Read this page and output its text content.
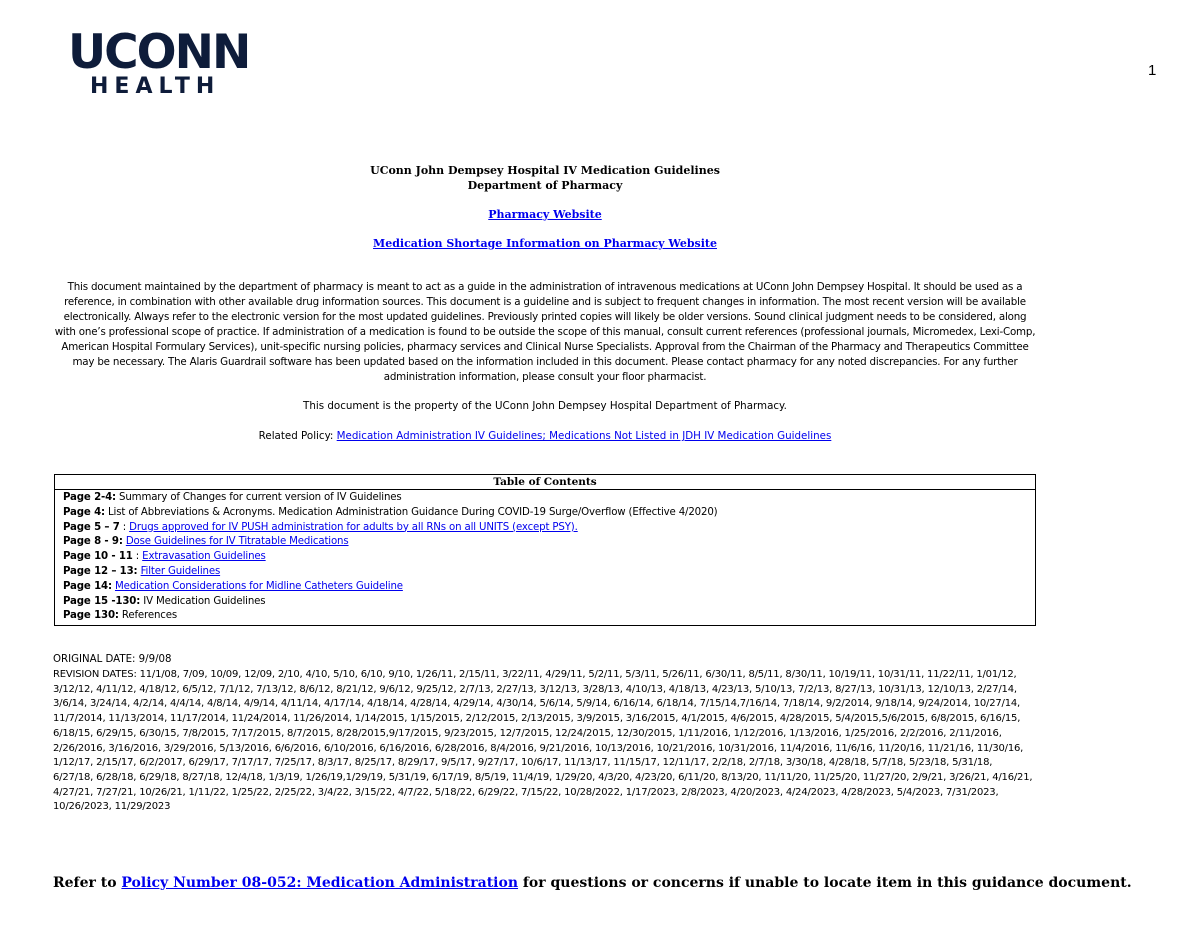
UCONN
HEALTH
1
UConn John Dempsey Hospital IV Medication Guidelines
Department of Pharmacy
Pharmacy Website
Medication Shortage Information on Pharmacy Website
This document maintained by the department of pharmacy is meant to act as a guide in the administration of intravenous medications at UConn John Dempsey Hospital. It should be used as a reference, in combination with other available drug information sources. This document is a guideline and is subject to frequent changes in information. The most recent version will be available electronically. Always refer to the electronic version for the most updated guidelines. Previously printed copies will likely be older versions. Sound clinical judgment needs to be considered, along with one’s professional scope of practice. If administration of a medication is found to be outside the scope of this manual, consult current references (professional journals, Micromedex, Lexi-Comp, American Hospital Formulary Services), unit-specific nursing policies, pharmacy services and Clinical Nurse Specialists. Approval from the Chairman of the Pharmacy and Therapeutics Committee may be necessary. The Alaris Guardrail software has been updated based on the information included in this document. Please contact pharmacy for any noted discrepancies. For any further administration information, please consult your floor pharmacist.
This document is the property of the UConn John Dempsey Hospital Department of Pharmacy.
Related Policy: Medication Administration IV Guidelines; Medications Not Listed in JDH IV Medication Guidelines
Table of Contents
Page 2-4: Summary of Changes for current version of IV Guidelines
Page 4: List of Abbreviations & Acronyms. Medication Administration Guidance During COVID-19 Surge/Overflow (Effective 4/2020)
Page 5 – 7 : Drugs approved for IV PUSH administration for adults by all RNs on all UNITS (except PSY).
Page 8 - 9: Dose Guidelines for IV Titratable Medications
Page 10 - 11 : Extravasation Guidelines
Page 12 – 13: Filter Guidelines
Page 14: Medication Considerations for Midline Catheters Guideline
Page 15 -130: IV Medication Guidelines
Page 130: References
ORIGINAL DATE: 9/9/08
REVISION DATES: 11/1/08, 7/09, 10/09, 12/09, 2/10, 4/10, 5/10, 6/10, 9/10, 1/26/11, 2/15/11, 3/22/11, 4/29/11, 5/2/11, 5/3/11, 5/26/11, 6/30/11, 8/5/11, 8/30/11, 10/19/11, 10/31/11, 11/22/11, 1/01/12, 3/12/12, 4/11/12, 4/18/12, 6/5/12, 7/1/12, 7/13/12, 8/6/12, 8/21/12, 9/6/12, 9/25/12, 2/7/13, 2/27/13, 3/12/13, 3/28/13, 4/10/13, 4/18/13, 4/23/13, 5/10/13, 7/2/13, 8/27/13, 10/31/13, 12/10/13, 2/27/14, 3/6/14, 3/24/14, 4/2/14, 4/4/14, 4/8/14, 4/9/14, 4/11/14, 4/17/14, 4/18/14, 4/28/14, 4/29/14, 4/30/14, 5/6/14, 5/9/14, 6/16/14, 6/18/14, 7/15/14,7/16/14, 7/18/14, 9/2/2014, 9/18/14, 9/24/2014, 10/27/14, 11/7/2014, 11/13/2014, 11/17/2014, 11/24/2014, 11/26/2014, 1/14/2015, 1/15/2015, 2/12/2015, 2/13/2015, 3/9/2015, 3/16/2015, 4/1/2015, 4/6/2015, 4/28/2015, 5/4/2015,5/6/2015, 6/8/2015, 6/16/15, 6/18/15, 6/29/15, 6/30/15, 7/8/2015, 7/17/2015, 8/7/2015, 8/28/2015,9/17/2015, 9/23/2015, 12/7/2015, 12/24/2015, 12/30/2015, 1/11/2016, 1/12/2016, 1/13/2016, 1/25/2016, 2/2/2016, 2/11/2016, 2/26/2016, 3/16/2016, 3/29/2016, 5/13/2016, 6/6/2016, 6/10/2016, 6/16/2016, 6/28/2016, 8/4/2016, 9/21/2016, 10/13/2016, 10/21/2016, 10/31/2016, 11/4/2016, 11/6/16, 11/20/16, 11/21/16, 11/30/16, 1/12/17, 2/15/17, 6/2/2017, 6/29/17, 7/17/17, 7/25/17, 8/3/17, 8/25/17, 8/29/17, 9/5/17, 9/27/17, 10/6/17, 11/13/17, 11/15/17, 12/11/17, 2/2/18, 2/7/18, 3/30/18, 4/28/18, 5/7/18, 5/23/18, 5/31/18, 6/27/18, 6/28/18, 6/29/18, 8/27/18, 12/4/18, 1/3/19, 1/26/19,1/29/19, 5/31/19, 6/17/19, 8/5/19, 11/4/19, 1/29/20, 4/3/20, 4/23/20, 6/11/20, 8/13/20, 11/11/20, 11/25/20, 11/27/20, 2/9/21, 3/26/21, 4/16/21, 4/27/21, 7/27/21, 10/26/21, 1/11/22, 1/25/22, 2/25/22, 3/4/22, 3/15/22, 4/7/22, 5/18/22, 6/29/22, 7/15/22, 10/28/2022, 1/17/2023, 2/8/2023, 4/20/2023, 4/24/2023, 4/28/2023, 5/4/2023, 7/31/2023, 10/26/2023, 11/29/2023
Refer to Policy Number 08-052: Medication Administration for questions or concerns if unable to locate item in this guidance document.
